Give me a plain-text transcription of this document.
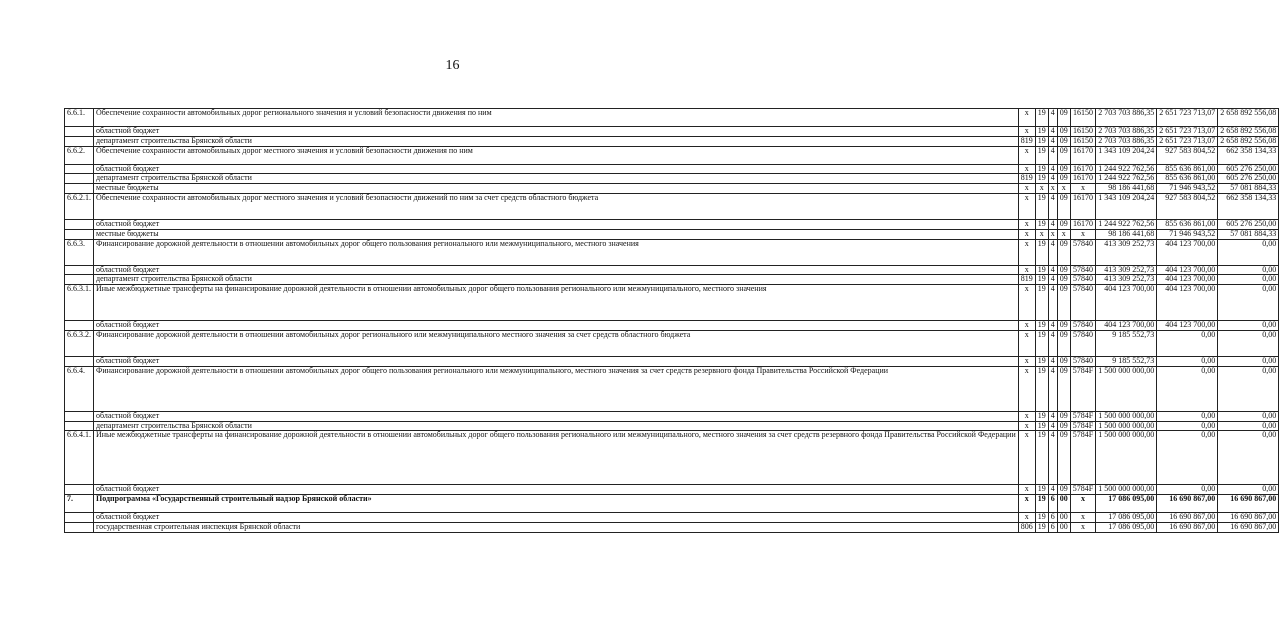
16
6.6.1.	Обеспечение сохранности автомобильных дорог регионального значения и условий безопасности движения по ним	x	19	4	09	16150	2 703 703 886,35	2 651 723 713,07	2 658 892 556,08
	областной бюджет	x	19	4	09	16150	2 703 703 886,35	2 651 723 713,07	2 658 892 556,08
	департамент строительства Брянской области	819	19	4	09	16150	2 703 703 886,35	2 651 723 713,07	2 658 892 556,08
6.6.2.	Обеспечение сохранности автомобильных дорог местного значения и условий безопасности движения по ним	x	19	4	09	16170	1 343 109 204,24	927 583 804,52	662 358 134,33
	областной бюджет	x	19	4	09	16170	1 244 922 762,56	855 636 861,00	605 276 250,00
	департамент строительства Брянской области	819	19	4	09	16170	1 244 922 762,56	855 636 861,00	605 276 250,00
	местные бюджеты	x	x	x	x	x	98 186 441,68	71 946 943,52	57 081 884,33
6.6.2.1.	Обеспечение сохранности автомобильных дорог местного значения и условий безопасности движений по ним за счет средств областного бюджета	x	19	4	09	16170	1 343 109 204,24	927 583 804,52	662 358 134,33
	областной бюджет	x	19	4	09	16170	1 244 922 762,56	855 636 861,00	605 276 250,00
	местные бюджеты	x	x	x	x	x	98 186 441,68	71 946 943,52	57 081 884,33
6.6.3.	Финансирование дорожной деятельности в отношении автомобильных дорог общего пользования регионального или межмуниципального, местного значения	x	19	4	09	57840	413 309 252,73	404 123 700,00	0,00
	областной бюджет	x	19	4	09	57840	413 309 252,73	404 123 700,00	0,00
	департамент строительства Брянской области	819	19	4	09	57840	413 309 252,73	404 123 700,00	0,00
6.6.3.1.	Иные межбюджетные трансферты на финансирование дорожной деятельности в отношении автомобильных дорог общего пользования регионального или межмуниципального, местного значения	x	19	4	09	57840	404 123 700,00	404 123 700,00	0,00
	областной бюджет	x	19	4	09	57840	404 123 700,00	404 123 700,00	0,00
6.6.3.2.	Финансирование дорожной деятельности в отношении автомобильных дорог регионального или межмуниципального местного значения за счет средств областного бюджета	x	19	4	09	57840	9 185 552,73	0,00	0,00
	областной бюджет	x	19	4	09	57840	9 185 552,73	0,00	0,00
6.6.4.	Финансирование дорожной деятельности в отношении автомобильных дорог общего пользования регионального или межмуниципального, местного значения за счет средств резервного фонда Правительства Российской Федерации	x	19	4	09	5784F	1 500 000 000,00	0,00	0,00
	областной бюджет	x	19	4	09	5784F	1 500 000 000,00	0,00	0,00
	департамент строительства Брянской области	x	19	4	09	5784F	1 500 000 000,00	0,00	0,00
6.6.4.1.	Иные межбюджетные трансферты на финансирование дорожной деятельности в отношении автомобильных дорог общего пользования регионального или межмуниципального, местного значения за счет средств резервного фонда Правительства Российской Федерации	x	19	4	09	5784F	1 500 000 000,00	0,00	0,00
	областной бюджет	x	19	4	09	5784F	1 500 000 000,00	0,00	0,00
7.	Подпрограмма «Государственный строительный надзор Брянской области»	x	19	6	00	x	17 086 095,00	16 690 867,00	16 690 867,00
	областной бюджет	x	19	6	00	x	17 086 095,00	16 690 867,00	16 690 867,00
	государственная строительная инспекция Брянской области	806	19	6	00	x	17 086 095,00	16 690 867,00	16 690 867,00
